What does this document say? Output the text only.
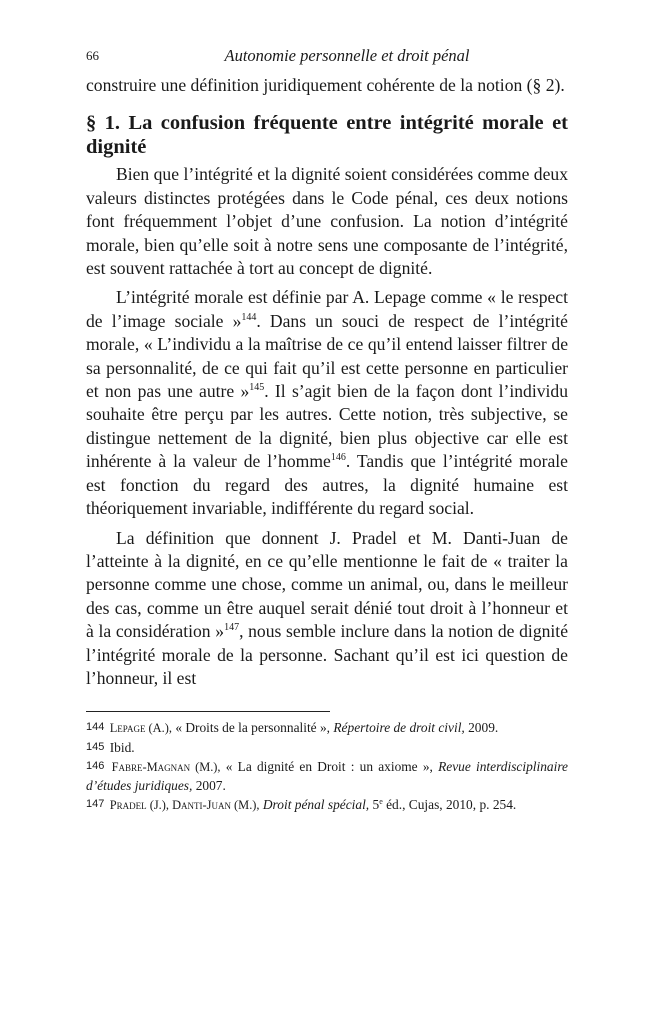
66	Autonomie personnelle et droit pénal

construire une définition juridiquement cohérente de la notion (§ 2).

§ 1. La confusion fréquente entre intégrité morale et dignité

Bien que l’intégrité et la dignité soient considérées comme deux valeurs distinctes protégées dans le Code pénal, ces deux notions font fréquemment l’objet d’une confusion. La notion d’intégrité morale, bien qu’elle soit à notre sens une composante de l’intégrité, est souvent rattachée à tort au concept de dignité.

L’intégrité morale est définie par A. Lepage comme « le respect de l’image sociale »$^{144}$. Dans un souci de respect de l’intégrité morale, « L’individu a la maîtrise de ce qu’il entend laisser filtrer de sa personnalité, de ce qui fait qu’il est cette personne en particulier et non pas une autre »$^{145}$. Il s’agit bien de la façon dont l’individu souhaite être perçu par les autres. Cette notion, très subjective, se distingue nettement de la dignité, bien plus objective car elle est inhérente à la valeur de l’homme$^{146}$. Tandis que l’intégrité morale est fonction du regard des autres, la dignité humaine est théoriquement invariable, indifférente du regard social.

La définition que donnent J. Pradel et M. Danti-Juan de l’atteinte à la dignité, en ce qu’elle mentionne le fait de « traiter la personne comme une chose, comme un animal, ou, dans le meilleur des cas, comme un être auquel serait dénié tout droit à l’honneur et à la considération »$^{147}$, nous semble inclure dans la notion de dignité l’intégrité morale de la personne. Sachant qu’il est ici question de l’honneur, il est

144 Lepage (A.), « Droits de la personnalité », Répertoire de droit civil, 2009.

145 Ibid.

146 Fabre-Magnan (M.), « La dignité en Droit : un axiome », Revue interdisciplinaire d’études juridiques, 2007.

147 Pradel (J.), Danti-Juan (M.), Droit pénal spécial, 5e éd., Cujas, 2010, p. 254.
